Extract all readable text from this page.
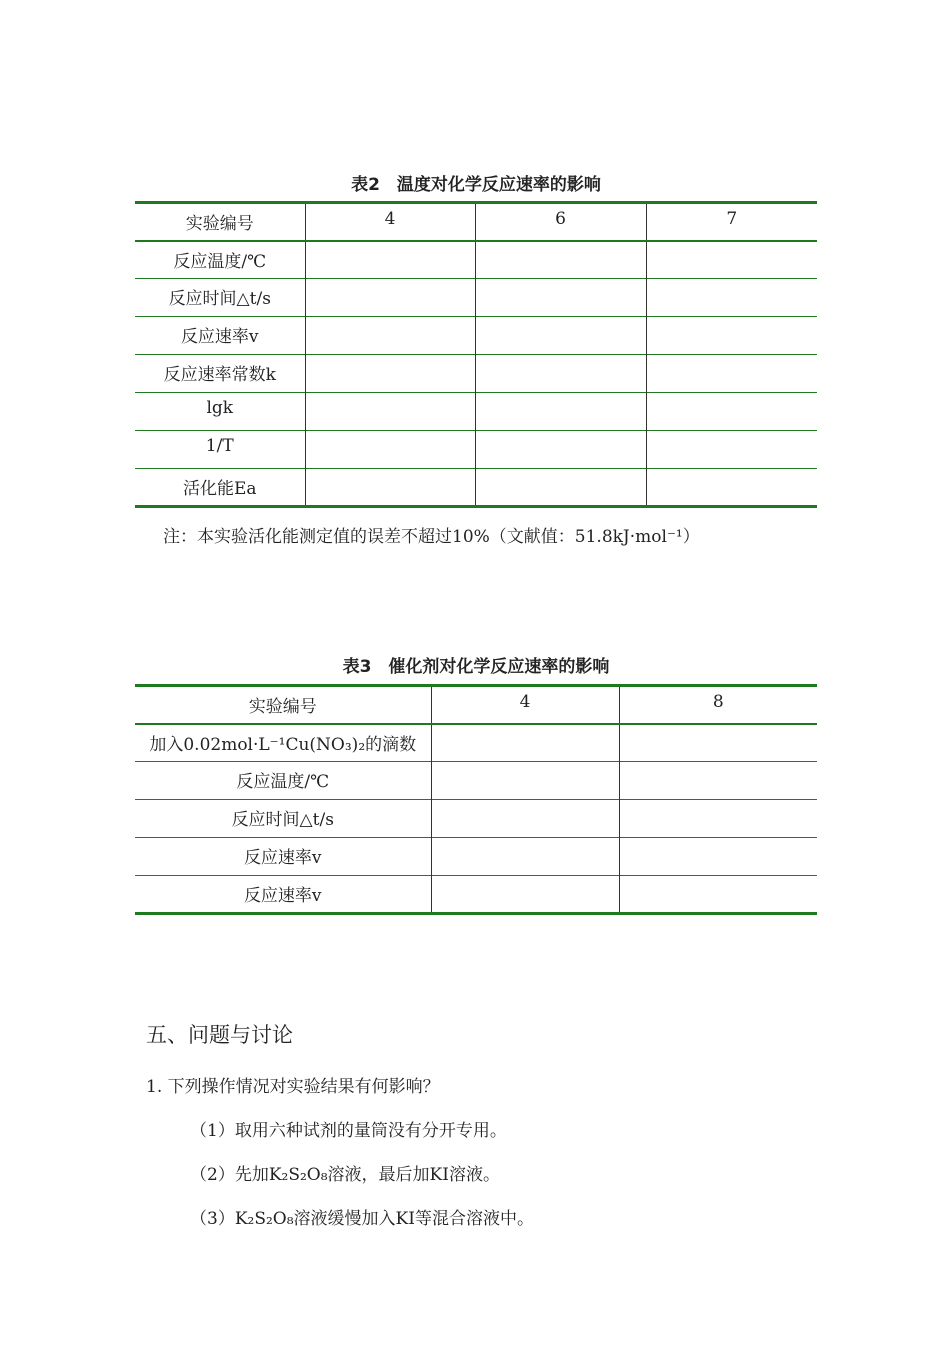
表2　温度对化学反应速率的影响
实验编号	4	6	7
反应温度/℃			
反应时间△t/s			
反应速率v			
反应速率常数k			
lgk			
1/T			
活化能Ea			
注：本实验活化能测定值的误差不超过10%（文献值：51.8kJ·mol⁻¹）
表3　催化剂对化学反应速率的影响
实验编号	4	8
加入0.02mol·L⁻¹Cu(NO₃)₂的滴数		
反应温度/℃		
反应时间△t/s		
反应速率v		
反应速率v		
五、问题与讨论
1. 下列操作情况对实验结果有何影响？
（1）取用六种试剂的量筒没有分开专用。
（2）先加K₂S₂O₈溶液，最后加KI溶液。
（3）K₂S₂O₈溶液缓慢加入KI等混合溶液中。
